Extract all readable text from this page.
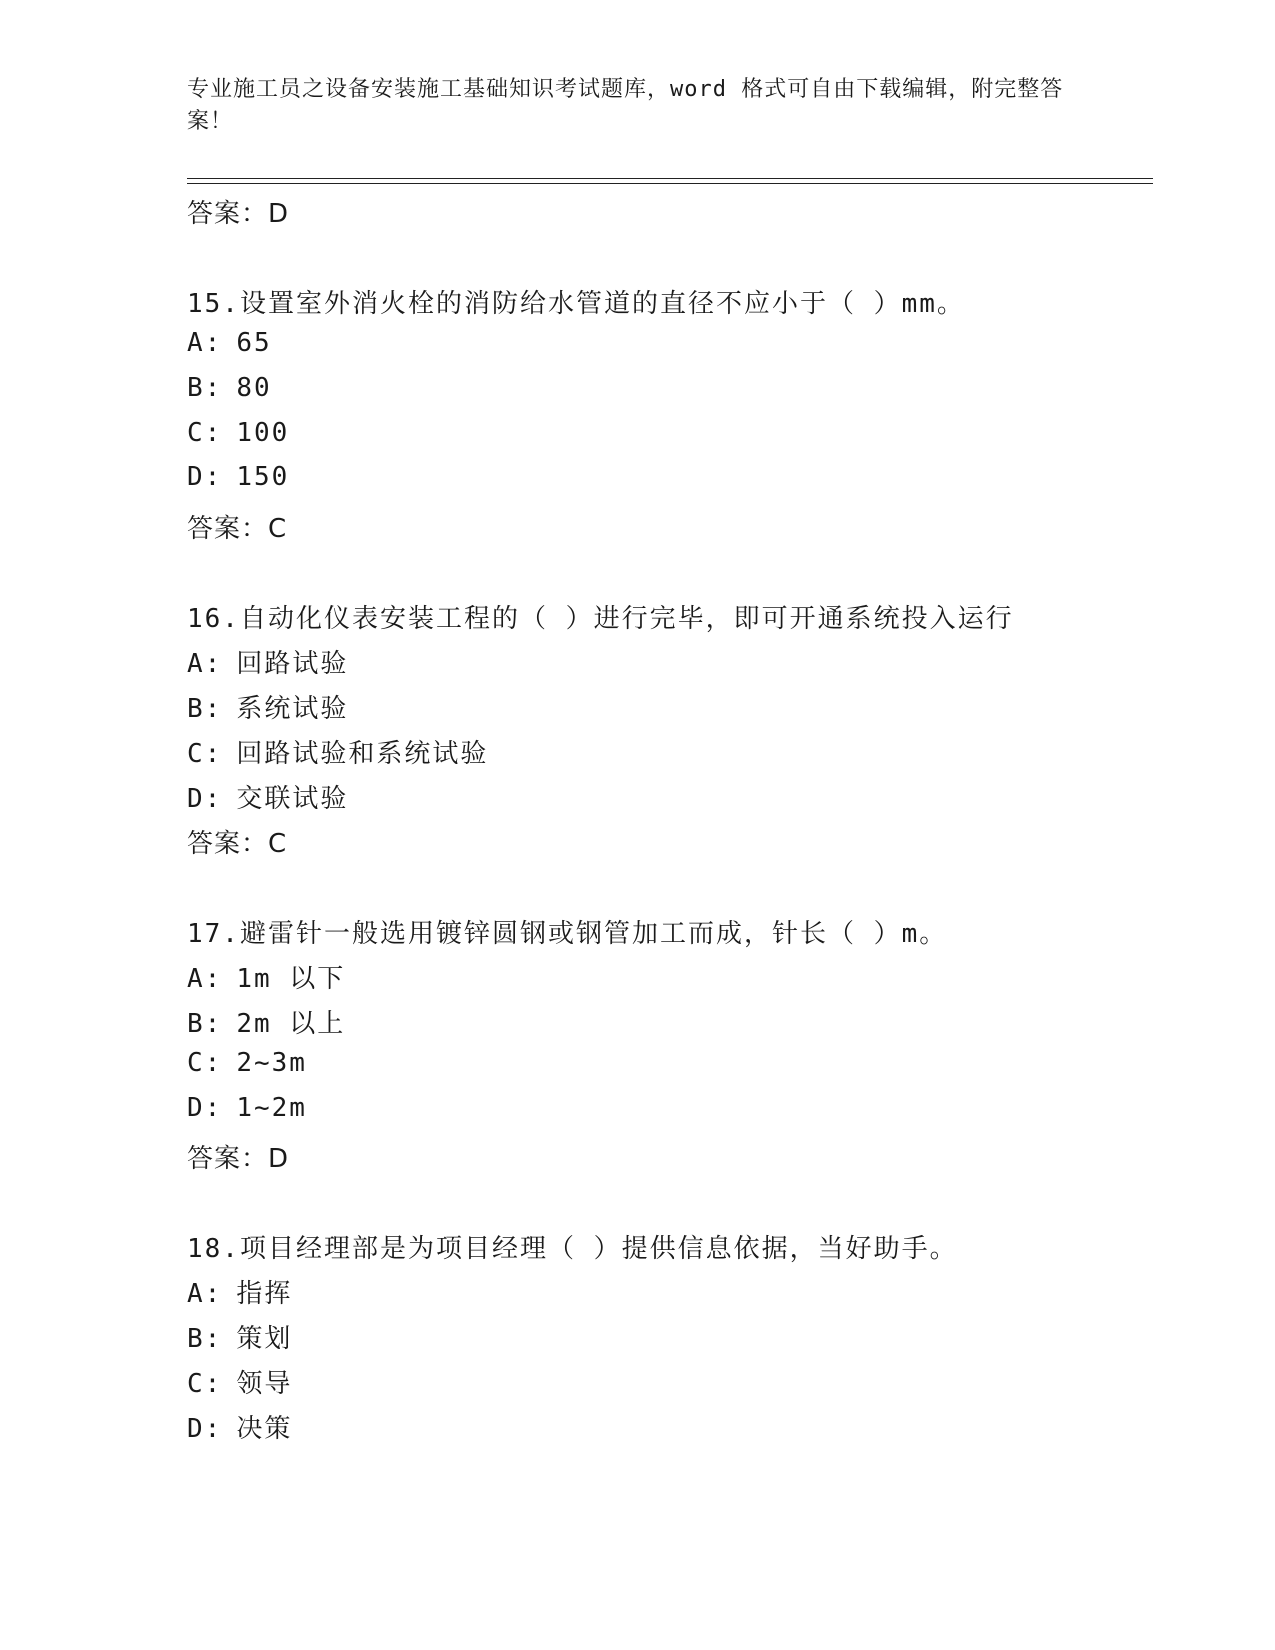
专业施工员之设备安装施工基础知识考试题库，word 格式可自由下载编辑，附完整答案！
答案：D
15.设置室外消火栓的消防给水管道的直径不应小于（ ）mm。
A: 65
B: 80
C: 100
D: 150
答案：C
16.自动化仪表安装工程的（ ）进行完毕，即可开通系统投入运行
A: 回路试验
B: 系统试验
C: 回路试验和系统试验
D: 交联试验
答案：C
17.避雷针一般选用镀锌圆钢或钢管加工而成，针长（ ）m。
A: 1m 以下
B: 2m 以上
C: 2~3m
D: 1~2m
答案：D
18.项目经理部是为项目经理（ ）提供信息依据，当好助手。
A: 指挥
B: 策划
C: 领导
D: 决策
